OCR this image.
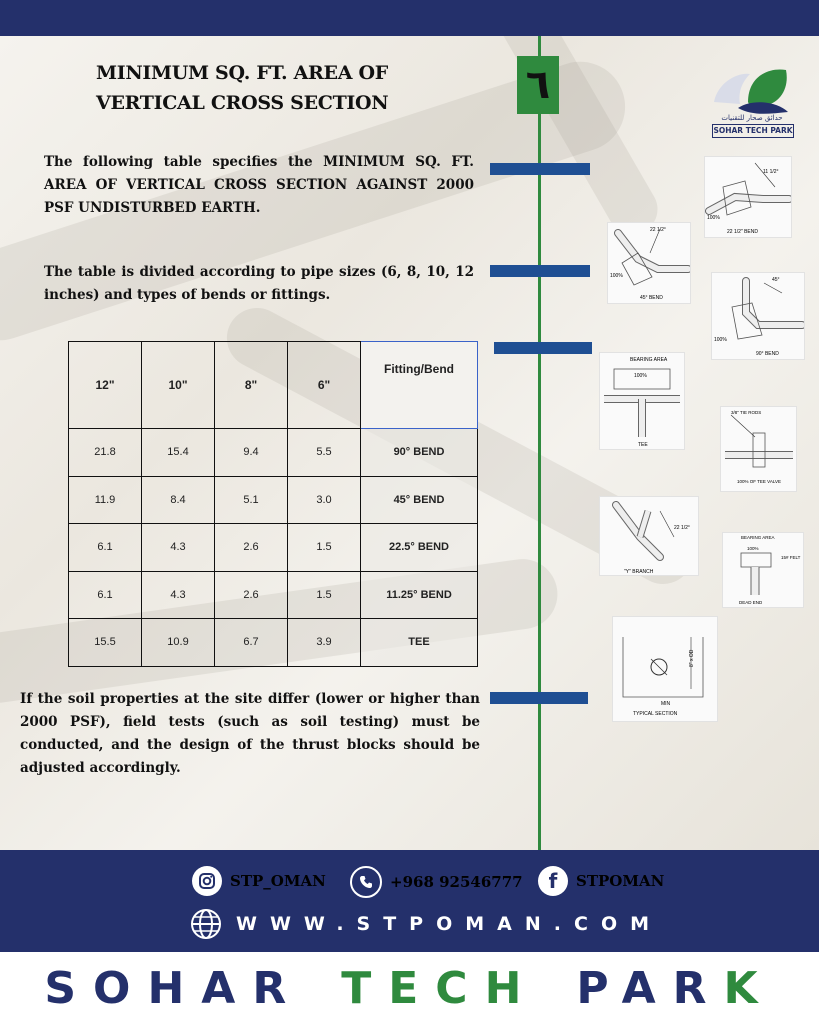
٦
MINIMUM SQ. FT. AREA OF
VERTICAL CROSS SECTION
حدائق صحار للتقنيات
SOHAR TECH PARK
The following table specifies the MINIMUM SQ. FT. AREA OF VERTICAL CROSS SECTION AGAINST 2000 PSF UNDISTURBED EARTH.
The table is divided according to pipe sizes (6, 8, 10, 12 inches) and types of bends or fittings.
12"	10"	8"	6"	Fitting/Bend
21.8	15.4	9.4	5.5	90° BEND
11.9	8.4	5.1	3.0	45° BEND
6.1	4.3	2.6	1.5	22.5° BEND
6.1	4.3	2.6	1.5	11.25° BEND
15.5	10.9	6.7	3.9	TEE
If the soil properties at the site differ (lower or higher than 2000 PSF), field tests (such as soil testing) must be conducted, and the design of the thrust blocks should be adjusted accordingly.
11 1/2°
100%
22 1/2" BEND
22 1/2°
100%
45° BEND
45°
100%
90° BEND
BEARING AREA
100%
TEE
3/8" TIE RODS
100% OF TEE VALVE
22 1/2°
"Y" BRANCH
BEARING AREA
100%
15# FELT
DEAD END
8" x OD
MIN
TYPICAL SECTION
STP_OMAN	+968 92546777	f	STPOMAN
WWW.STPOMAN.COM
SOHAR TECH PARK
